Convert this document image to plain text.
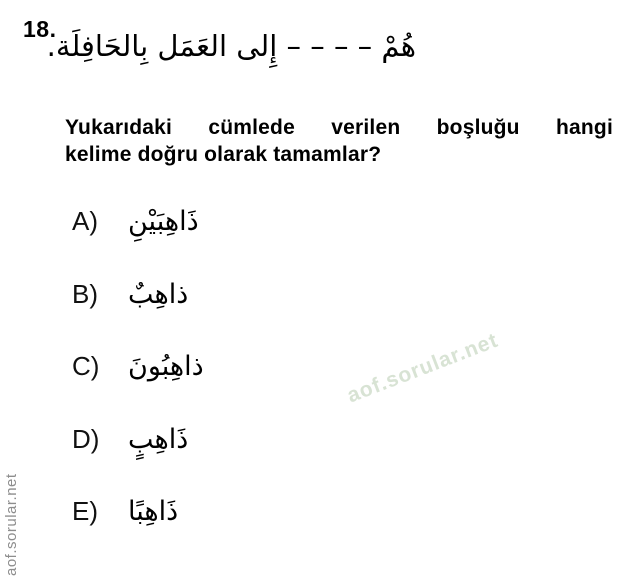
18.
هُمْ – – – – إِلى العَمَل بِالحَافِلَة.
Yukarıdaki cümlede verilen boşluğu hangi
kelime doğru olarak tamamlar?
A)	ذَاهِبَيْنِ
B)	ذاهِبٌ
C)	ذاهِبُونَ
D)	ذَاهِبٍ
E)	ذَاهِبًا
aof.sorular.net
aof.sorular.net
